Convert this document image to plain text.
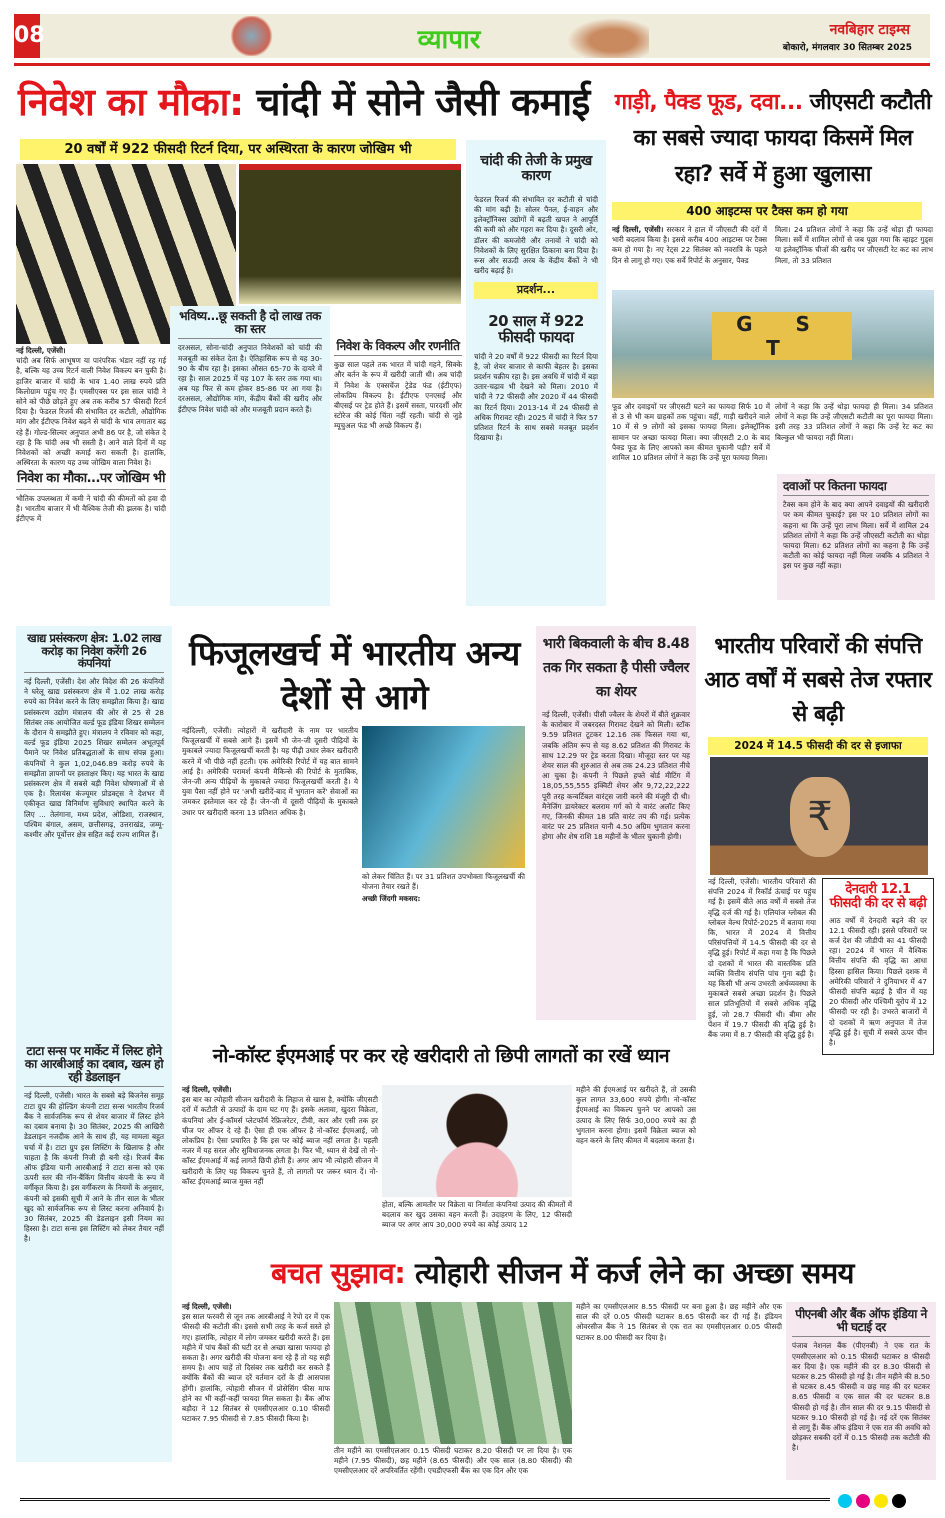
08	व्यापार	नवबिहार टाइम्स
बोकारो, मंगलवार 30 सितम्बर 2025
निवेश का मौका: चांदी में सोने जैसी कमाई
20 वर्षों में 922 फीसदी रिटर्न दिया, पर अस्थिरता के कारण जोखिम भी

नई दिल्ली, एजेंसी।
चांदी अब सिर्फ आभूषण या पारंपरिक भंडार नहीं रह गई है, बल्कि यह उच्च रिटर्न वाली निवेश विकल्प बन चुकी है। हाजिर बाजार में चांदी के भाव 1.40 लाख रुपये प्रति किलोग्राम पहुंच गए हैं। एमसीएक्स पर इस साल चांदी ने सोने को पीछे छोड़ते हुए अब तक करीब 57 फीसदी रिटर्न दिया है। फेडरल रिजर्व की संभावित दर कटौती, औद्योगिक मांग और ईटीएफ निवेश बढ़ने से चांदी के भाव लगातार बढ़ रहे हैं। गोल्ड-सिल्वर अनुपात अभी 86 पर है, जो संकेत दे रहा है कि चांदी अब भी सस्ती है। आने वाले दिनों में यह निवेशकों को अच्छी कमाई करा सकती है। हालांकि, अस्थिरता के कारण यह उच्च जोखिम वाला निवेश है।

निवेश का मौका...पर जोखिम भी

भौतिक उपलब्धता में कमी ने चांदी की कीमतों को हवा दी है। भारतीय बाजार में भी वैश्विक तेजी की झलक है। चांदी ईटीएफ में

भविष्य...छू सकती है दो लाख तक का स्तर

दरअसल, सोना-चांदी अनुपात निवेशकों को चांदी की मजबूती का संकेत देता है। ऐतिहासिक रूप से यह 30-90 के बीच रहा है। इसका औसत 65-70 के दायरे में रहा है। साल 2025 में यह 107 के स्तर तक गया था। अब यह फिर से कम होकर 85-86 पर आ गया है। दरअसल, औद्योगिक मांग, केंद्रीय बैंकों की खरीद और ईटीएफ निवेश चांदी को और मजबूती प्रदान करते हैं।

निवेश के विकल्प और रणनीति

कुछ साल पहले तक भारत में चांदी गहने, सिक्के और बर्तन के रूप में खरीदी जाती थी। अब चांदी में निवेश के एक्सचेंज ट्रेडेड फंड (ईटीएफ) लोकप्रिय विकल्प है। ईटीएफ एनएसई और बीएसई पर ट्रेड होते हैं। इसमें सस्ता, पारदर्शी और स्टोरेज की कोई चिंता नहीं रहती। चांदी से जुड़े म्यूचुअल फंड भी अच्छे विकल्प हैं।

चांदी की तेजी के प्रमुख कारण

फेडरल रिजर्व की संभावित दर कटौती से चांदी की मांग बढ़ी है। सोलर पैनल, ई-वाहन और इलेक्ट्रॉनिक्स उद्योगों में बढ़ती खपत ने आपूर्ति की कमी को और गहरा कर दिया है। दूसरी ओर, डॉलर की कमजोरी और तनावों ने चांदी को निवेशकों के लिए सुरक्षित ठिकाना बना दिया है। रूस और सऊदी अरब के केंद्रीय बैंकों ने भी खरीद बढ़ाई है।

प्रदर्शन...
20 साल में 922 फीसदी फायदा

चांदी ने 20 वर्षों में 922 फीसदी का रिटर्न दिया है, जो शेयर बाजार से काफी बेहतर है। इसका प्रदर्शन चक्रीय रहा है। इस अवधि में चांदी में बड़ा उतार-चढ़ाव भी देखने को मिला। 2010 में चांदी ने 72 फीसदी और 2020 में 44 फीसदी का रिटर्न दिया। 2013-14 में 24 फीसदी से अधिक गिरावट रही। 2025 में चांदी ने फिर 57 प्रतिशत रिटर्न के साथ सबसे मजबूत प्रदर्शन दिखाया है।

गाड़ी, पैक्ड फूड, दवा... जीएसटी कटौती का सबसे ज्यादा फायदा किसमें मिल रहा? सर्वे में हुआ खुलासा
400 आइटम्स पर टैक्स कम हो गया
नई दिल्ली, एजेंसी। सरकार ने हाल में जीएसटी की दरों में भारी बदलाव किया है। इससे करीब 400 आइटम्स पर टैक्स कम हो गया है। नए रेट्स 22 सितंबर को नवरात्रि के पहले दिन से लागू हो गए। एक सर्वे रिपोर्ट के अनुसार, पैक्ड
मिला। 24 प्रतिशत लोगों ने कहा कि उन्हें थोड़ा ही फायदा मिला। सर्वे में शामिल लोगों से जब पूछा गया कि व्हाइट गुड्स या इलेक्ट्रॉनिक चीजों की खरीद पर जीएसटी रेट कट का लाभ मिला, तो 33 प्रतिशत
G S T
फूड और दवाइयों पर जीएसटी घटने का फायदा सिर्फ 10 में से 3 से भी कम ग्राहकों तक पहुंचा। वहीं, गाड़ी खरीदने वाले 10 में से 9 लोगों को इसका फायदा मिला। इलेक्ट्रॉनिक सामान पर अच्छा फायदा मिला। क्या जीएसटी 2.0 के बाद पैक्ड फूड के लिए आपको कम कीमत चुकानी पड़ी? सर्वे में शामिल 10 प्रतिशत लोगों ने कहा कि उन्हें पूरा फायदा मिला।
लोगों ने कहा कि उन्हें थोड़ा फायदा ही मिला। 34 प्रतिशत लोगों ने कहा कि उन्हें जीएसटी कटौती का पूरा फायदा मिला। इसी तरह 33 प्रतिशत लोगों ने कहा कि उन्हें रेट कट का बिल्कुल भी फायदा नहीं मिला।
दवाओं पर कितना फायदा

टैक्स कम होने के बाद क्या आपने दवाइयों की खरीदारी पर कम कीमत चुकाई? इस पर 10 प्रतिशत लोगों का कहना था कि उन्हें पूरा लाभ मिला। सर्वे में शामिल 24 प्रतिशत लोगों ने कहा कि उन्हें जीएसटी कटौती का थोड़ा फायदा मिला। 62 प्रतिशत लोगों का कहना है कि उन्हें कटौती का कोई फायदा नहीं मिला जबकि 4 प्रतिशत ने इस पर कुछ नहीं कहा।

खाद्य प्रसंस्करण क्षेत्र: 1.02 लाख करोड़ का निवेश करेंगी 26 कंपनियां

नई दिल्ली, एजेंसी। देश और विदेश की 26 कंपनियों ने घरेलू खाद्य प्रसंस्करण क्षेत्र में 1.02 लाख करोड़ रुपये का निवेश करने के लिए समझौता किया है। खाद्य प्रसंस्करण उद्योग मंत्रालय की ओर से 25 से 28 सितंबर तक आयोजित वर्ल्ड फूड इंडिया शिखर सम्मेलन के दौरान ये समझौते हुए। मंत्रालय ने रविवार को कहा, वर्ल्ड फूड इंडिया 2025 शिखर सम्मेलन अभूतपूर्व पैमाने पर निवेश प्रतिबद्धताओं के साथ संपन्न हुआ। कंपनियों ने कुल 1,02,046.89 करोड़ रुपये के समझौता ज्ञापनों पर हस्ताक्षर किए। यह भारत के खाद्य प्रसंस्करण क्षेत्र में सबसे बड़ी निवेश घोषणाओं में से एक है। रिलायंस कंज्यूमर प्रोडक्ट्स ने देशभर में एकीकृत खाद्य विनिर्माण सुविधाएं स्थापित करने के लिए ... तेलंगाना, मध्य प्रदेश, ओडिशा, राजस्थान, पश्चिम बंगाल, असम, छत्तीसगढ़, उत्तराखंड, जम्मू-कश्मीर और पूर्वोत्तर क्षेत्र सहित कई राज्य शामिल हैं।

टाटा सन्स पर मार्केट में लिस्ट होने का आरबीआई का दबाव, खत्म हो रही डेडलाइन

नई दिल्ली, एजेंसी। भारत के सबसे बड़े बिजनेस समूह टाटा ग्रुप की होल्डिंग कंपनी टाटा सन्स भारतीय रिजर्व बैंक ने सार्वजनिक रूप से शेयर बाजार में लिस्ट होने का दबाव बनाया है। 30 सितंबर, 2025 की आखिरी डेडलाइन नजदीक आने के साथ ही, यह मामला बहुत चर्चा में है। टाटा ग्रुप इस लिस्टिंग के खिलाफ है और चाहता है कि कंपनी निजी ही बनी रहे। रिजर्व बैंक ऑफ इंडिया यानी आरबीआई ने टाटा सन्स को एक ऊपरी स्तर की नॉन-बैंकिंग वित्तीय कंपनी के रूप में वर्गीकृत किया है। इस वर्गीकरण के नियमों के अनुसार, कंपनी को इसकी सूची में आने के तीन साल के भीतर खुद को सार्वजनिक रूप से लिस्ट करना अनिवार्य है। 30 सितंबर, 2025 की डेडलाइन इसी नियम का हिस्सा है। टाटा सन्स इस लिस्टिंग को लेकर तैयार नहीं है।

फिजूलखर्च में भारतीय अन्य देशों से आगे

नईदिल्ली, एजेंसी। त्योहारों में खरीदारी के नाम पर भारतीय फिजूलखर्ची में सबसे आगे हैं। इसमें भी जेन-जी दूसरी पीढ़ियों के मुकाबले ज्यादा फिजूलखर्ची करती है। यह पीढ़ी उधार लेकर खरीदारी करने में भी पीछे नहीं हटती। एक अमेरिकी रिपोर्ट में यह बात सामने आई है। अमेरिकी परामर्श कंपनी मैकिन्से की रिपोर्ट के मुताबिक, जेन-जी अन्य पीढ़ियों के मुकाबले ज्यादा फिजूलखर्ची करती है। ये युवा पैसा नहीं होने पर 'अभी खरीदें-बाद में भुगतान करें' सेवाओं का जमकर इस्तेमाल कर रहे हैं। जेन-जी में दूसरी पीढ़ियों के मुकाबले उधार पर खरीदारी करना 13 प्रतिशत अधिक है।

को लेकर चिंतित हैं। पर 31 प्रतिशत उपभोक्ता फिजूलखर्ची की योजना तैयार रखते हैं।

अच्छी जिंदगी मकसद:

भारी बिकवाली के बीच 8.48 तक गिर सकता है पीसी ज्वैलर का शेयर

नई दिल्ली, एजेंसी। पीसी ज्वैलर के शेयरों में बीते शुक्रवार के कारोबार में जबरदस्त गिरावट देखने को मिली। स्टॉक 9.59 प्रतिशत टूटकर 12.16 तक फिसल गया था, जबकि अंतिम रूप से यह 8.62 प्रतिशत की गिरावट के साथ 12.29 पर ट्रेड करता दिखा। मौजूदा स्तर पर यह शेयर साल की शुरुआत से अब तक 24.23 प्रतिशत नीचे आ चुका है। कंपनी ने पिछले हफ्ते बोर्ड मीटिंग में 18,05,55,555 इक्विटी शेयर और 9,72,22,222 पूरी तरह कन्वर्टिबल वारंट्स जारी करने की मंजूरी दी थी। मैनेजिंग डायरेक्टर बलराम गर्ग को ये वारंट अलॉट किए गए, जिनकी कीमत 18 प्रति वारंट तय की गई। प्रत्येक वारंट पर 25 प्रतिशत यानी 4.50 अग्रिम भुगतान करना होगा और शेष राशि 18 महीनों के भीतर चुकानी होगी।

भारतीय परिवारों की संपत्ति आठ वर्षों में सबसे तेज रफ्तार से बढ़ी
2024 में 14.5 फीसदी की दर से इजाफा
₹

नई दिल्ली, एजेंसी। भारतीय परिवारों की संपत्ति 2024 में रिकॉर्ड ऊंचाई पर पहुंच गई है। इसमें बीते आठ वर्षों में सबसे तेज वृद्धि दर्ज की गई है। एलियांज ग्लोबल की ग्लोबल वेल्थ रिपोर्ट-2025 में बताया गया कि, भारत में 2024 में वित्तीय परिसंपत्तियों में 14.5 फीसदी की दर से वृद्धि हुई। रिपोर्ट में कहा गया है कि पिछले दो दशकों में भारत की वास्तविक प्रति व्यक्ति वित्तीय संपत्ति पांच गुना बढ़ी है। यह किसी भी अन्य उभरती अर्थव्यवस्था के मुकाबले सबसे अच्छा प्रदर्शन है। पिछले साल प्रतिभूतियों में सबसे अधिक वृद्धि हुई, जो 28.7 फीसदी थी। बीमा और पेंशन में 19.7 फीसदी की वृद्धि हुई है। बैंक जमा में 8.7 फीसदी की वृद्धि हुई है।

देनदारी 12.1 फीसदी की दर से बढ़ी

आठ वर्षों में देनदारी बढ़ने की दर 12.1 फीसदी रही। इससे परिवारों पर कर्ज देश की जीडीपी का 41 फीसदी रहा। 2024 में भारत में वैश्विक वित्तीय संपत्ति की वृद्धि का आधा हिस्सा हासिल किया। पिछले दशक में अमेरिकी परिवारों ने दुनियाभर में 47 फीसदी संपत्ति बढ़ाई है चीन में यह 20 फीसदी और पश्चिमी यूरोप में 12 फीसदी पर रही है। उभरते बाजारों में दो दशकों में ऋण अनुपात में तेज वृद्धि हुई है। सूची में सबसे ऊपर चीन है।

नो-कॉस्ट ईएमआई पर कर रहे खरीदारी तो छिपी लागतों का रखें ध्यान
नई दिल्ली, एजेंसी।
इस बार का त्योहारी सीजन खरीदारी के लिहाज से खास है, क्योंकि जीएसटी दरों में कटौती से उत्पादों के दाम घट गए हैं। इसके अलावा, खुदरा विक्रेता, कंपनियां और ई-कॉमर्स प्लेटफॉर्म रेफ्रिजरेटर, टीवी, कार और एसी तक हर चीज पर ऑफर दे रहे हैं। ऐसा ही एक ऑफर है नो-कॉस्ट ईएमआई, जो लोकप्रिय है। ऐसा प्रचारित है कि इस पर कोई ब्याज नहीं लगता है। पहली नजर में यह सरल और सुविधाजनक लगता है। फिर भी, ध्यान से देखें तो नो-कॉस्ट ईएमआई में कई लागतें छिपी होती हैं। अगर आप भी त्योहारी सीजन में खरीदारी के लिए यह विकल्प चुनते हैं, तो लागतों पर जरूर ध्यान दें। नो-कॉस्ट ईएमआई ब्याज मुक्त नहीं
होता, बल्कि आमतौर पर विक्रेता या निर्माता कंपनियां उत्पाद की कीमतों में बदलाव कर खुद उसका वहन करती हैं। उदाहरण के लिए, 12 फीसदी ब्याज पर अगर आप 30,000 रुपये का कोई उत्पाद 12
महीने की ईएमआई पर खरीदते हैं, तो उसकी कुल लागत 33,600 रुपये होगी। नो-कॉस्ट ईएमआई का विकल्प चुनने पर आपको उस उत्पाद के लिए सिर्फ 30,000 रुपये का ही भुगतान करना होगा। इसमें विक्रेता ब्याज को वहन करने के लिए कीमत में बदलाव करता है।
बचत सुझाव: त्योहारी सीजन में कर्ज लेने का अच्छा समय
नई दिल्ली, एजेंसी।
इस साल फरवरी से जून तक आरबीआई ने रेपो दर में एक फीसदी की कटौती की। इससे सभी तरह के कर्ज सस्ते हो गए। हालांकि, त्योहार में लोग जमकर खरीदी करते हैं। इस महीने में पांच बैंकों की घटी दर से अच्छा खासा फायदा हो सकता है। अगर खरीदी की योजना बना रहे हैं तो यह सही समय है। आप चाहें तो दिसंबर तक खरीदी कर सकते हैं क्योंकि बैंकों की ब्याज दरें वर्तमान दरों के ही आसपास होंगी। हालांकि, त्योहारी सीजन में प्रोसेसिंग फीस माफ होने का भी कहीं-कहीं फायदा मिल सकता है। बैंक ऑफ बड़ौदा ने 12 सितंबर से एमसीएलआर 0.10 फीसदी घटाकर 7.95 फीसदी से 7.85 फीसदी किया है।
तीन महीने का एमसीएलआर 0.15 फीसदी घटाकर 8.20 फीसदी पर ला दिया है। एक महीने (7.95 फीसदी), छह महीने (8.65 फीसदी) और एक साल (8.80 फीसदी) की एमसीएलआर दरें अपरिवर्तित रहेंगी। एचडीएफसी बैंक का एक दिन और एक
महीने का एमसीएलआर 8.55 फीसदी पर बना हुआ है। छह महीने और एक साल की दरें 0.05 फीसदी घटाकर 8.65 फीसदी कर दी गई हैं। इंडियन ओवरसीज बैंक ने 15 सितंबर से एक रात का एमसीएलआर 0.05 फीसदी घटाकर 8.00 फीसदी कर दिया है।
पीएनबी और बैंक ऑफ इंडिया ने भी घटाई दर

पंजाब नेशनल बैंक (पीएनबी) ने एक रात के एमसीएलआर को 0.15 फीसदी घटाकर 8 फीसदी कर दिया है। एक महीने की दर 8.30 फीसदी से घटकर 8.25 फीसदी हो गई है। तीन महीने की 8.50 से घटकर 8.45 फीसदी व छह माह की दर घटकर 8.65 फीसदी व एक साल की दर घटकर 8.8 फीसदी हो गई है। तीन साल की दर 9.15 फीसदी से घटकर 9.10 फीसदी हो गई है। नई दरें एक सितंबर से लागू हैं। बैंक ऑफ इंडिया ने एक रात की अवधि को छोड़कर सबकी दरों में 0.15 फीसदी तक कटौती की है।
